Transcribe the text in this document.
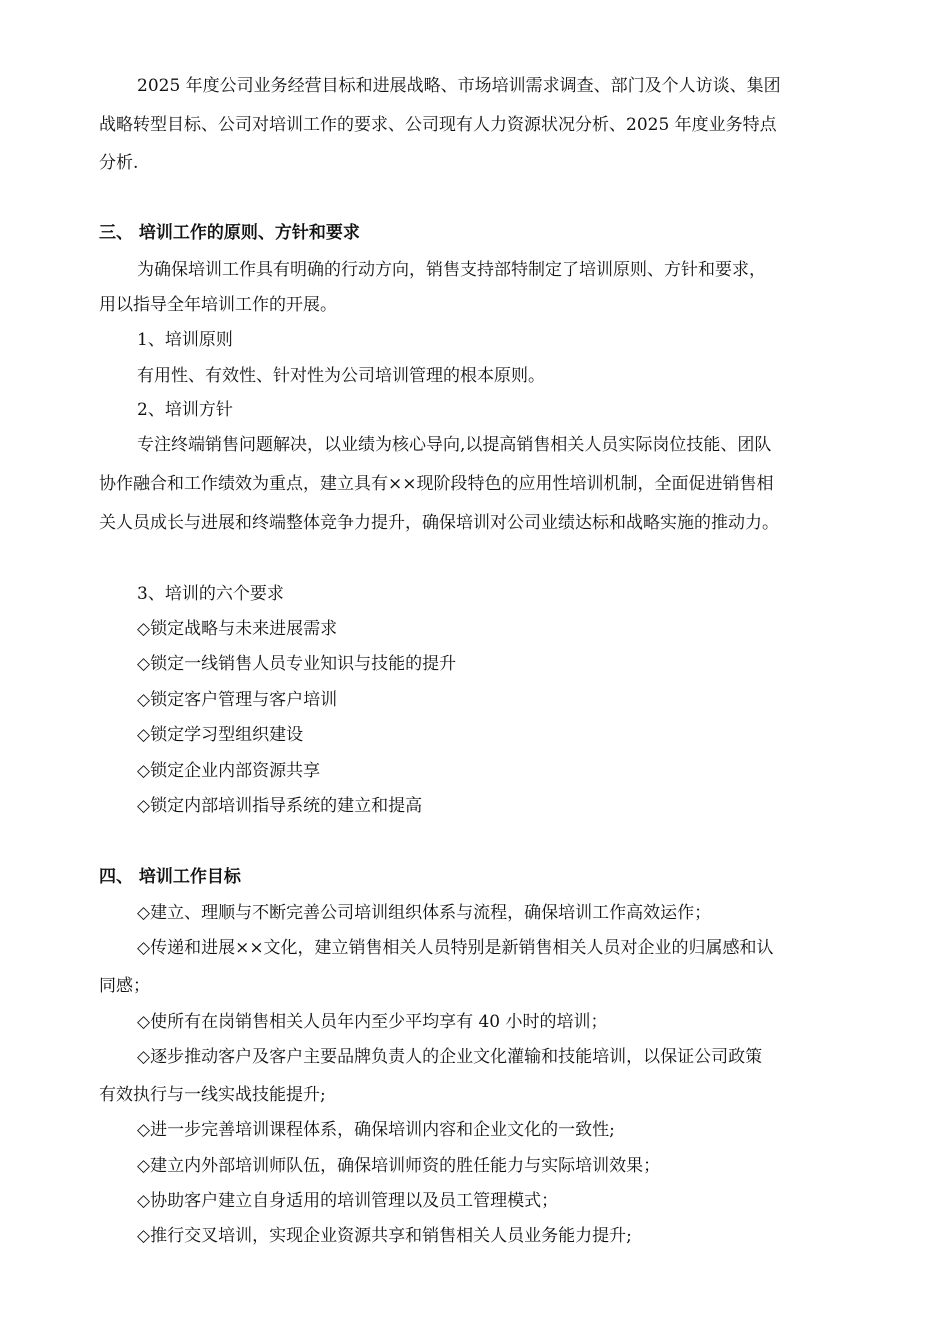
2025 年度公司业务经营目标和进展战略、市场培训需求调查、部门及个人访谈、集团
战略转型目标、公司对培训工作的要求、公司现有人力资源状况分析、2025 年度业务特点
分析.
三、 培训工作的原则、方针和要求
为确保培训工作具有明确的行动方向，销售支持部特制定了培训原则、方针和要求，
用以指导全年培训工作的开展。
1、培训原则
有用性、有效性、针对性为公司培训管理的根本原则。
2、培训方针
专注终端销售问题解决，以业绩为核心导向,以提高销售相关人员实际岗位技能、团队
协作融合和工作绩效为重点，建立具有××现阶段特色的应用性培训机制，全面促进销售相
关人员成长与进展和终端整体竞争力提升，确保培训对公司业绩达标和战略实施的推动力。
3、培训的六个要求
◇锁定战略与未来进展需求
◇锁定一线销售人员专业知识与技能的提升
◇锁定客户管理与客户培训
◇锁定学习型组织建设
◇锁定企业内部资源共享
◇锁定内部培训指导系统的建立和提高
四、 培训工作目标
◇建立、理顺与不断完善公司培训组织体系与流程，确保培训工作高效运作；
◇传递和进展××文化，建立销售相关人员特别是新销售相关人员对企业的归属感和认
同感；
◇使所有在岗销售相关人员年内至少平均享有 40 小时的培训；
◇逐步推动客户及客户主要品牌负责人的企业文化灌输和技能培训，以保证公司政策
有效执行与一线实战技能提升;
◇进一步完善培训课程体系，确保培训内容和企业文化的一致性;
◇建立内外部培训师队伍，确保培训师资的胜任能力与实际培训效果；
◇协助客户建立自身适用的培训管理以及员工管理模式；
◇推行交叉培训，实现企业资源共享和销售相关人员业务能力提升;
